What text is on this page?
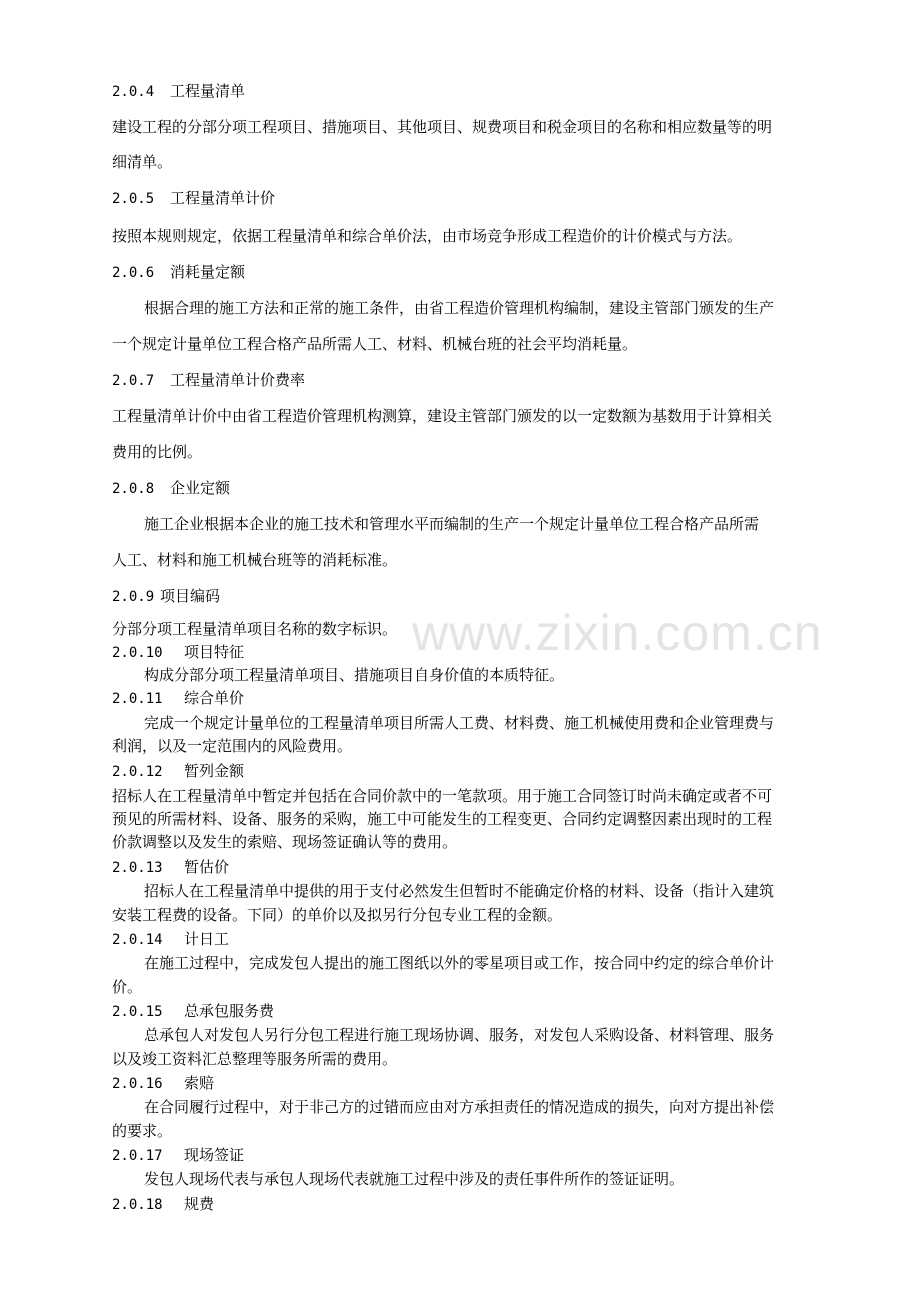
www.zixin.com.cn
2.0.4 工程量清单
建设工程的分部分项工程项目、措施项目、其他项目、规费项目和税金项目的名称和相应数量等的明
细清单。
2.0.5 工程量清单计价
按照本规则规定，依据工程量清单和综合单价法，由市场竞争形成工程造价的计价模式与方法。
2.0.6 消耗量定额
根据合理的施工方法和正常的施工条件，由省工程造价管理机构编制，建设主管部门颁发的生产
一个规定计量单位工程合格产品所需人工、材料、机械台班的社会平均消耗量。
2.0.7 工程量清单计价费率
工程量清单计价中由省工程造价管理机构测算，建设主管部门颁发的以一定数额为基数用于计算相关
费用的比例。
2.0.8 企业定额
施工企业根据本企业的施工技术和管理水平而编制的生产一个规定计量单位工程合格产品所需
人工、材料和施工机械台班等的消耗标准。
2.0.9 项目编码
分部分项工程量清单项目名称的数字标识。
2.0.10 项目特征
构成分部分项工程量清单项目、措施项目自身价值的本质特征。
2.0.11 综合单价
完成一个规定计量单位的工程量清单项目所需人工费、材料费、施工机械使用费和企业管理费与
利润，以及一定范围内的风险费用。
2.0.12 暂列金额
招标人在工程量清单中暂定并包括在合同价款中的一笔款项。用于施工合同签订时尚未确定或者不可
预见的所需材料、设备、服务的采购，施工中可能发生的工程变更、合同约定调整因素出现时的工程
价款调整以及发生的索赔、现场签证确认等的费用。
2.0.13 暂估价
招标人在工程量清单中提供的用于支付必然发生但暂时不能确定价格的材料、设备（指计入建筑
安装工程费的设备。下同）的单价以及拟另行分包专业工程的金额。
2.0.14 计日工
在施工过程中，完成发包人提出的施工图纸以外的零星项目或工作，按合同中约定的综合单价计
价。
2.0.15 总承包服务费
总承包人对发包人另行分包工程进行施工现场协调、服务，对发包人采购设备、材料管理、服务
以及竣工资料汇总整理等服务所需的费用。
2.0.16 索赔
在合同履行过程中，对于非己方的过错而应由对方承担责任的情况造成的损失，向对方提出补偿
的要求。
2.0.17 现场签证
发包人现场代表与承包人现场代表就施工过程中涉及的责任事件所作的签证证明。
2.0.18 规费
